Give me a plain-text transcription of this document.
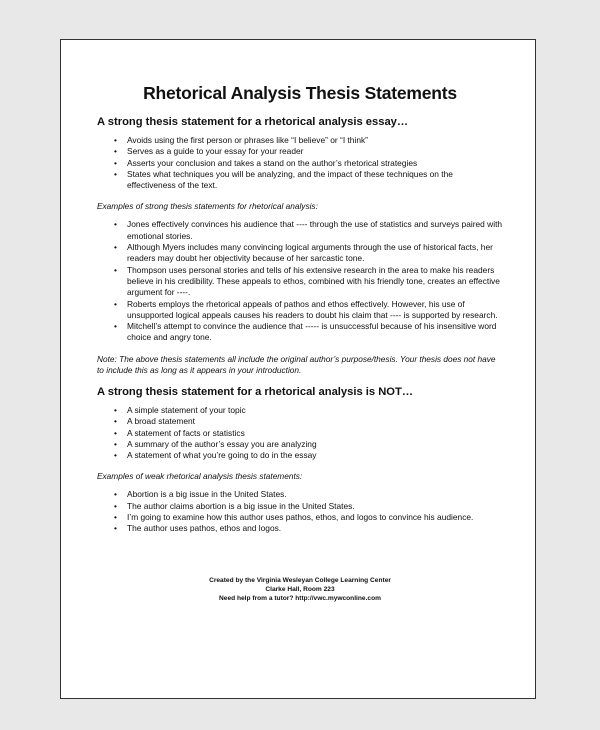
Rhetorical Analysis Thesis Statements
A strong thesis statement for a rhetorical analysis essay…
• Avoids using the first person or phrases like “I believe” or “I think”
• Serves as a guide to your essay for your reader
• Asserts your conclusion and takes a stand on the author’s rhetorical strategies
• States what techniques you will be analyzing, and the impact of these techniques on the effectiveness of the text.
Examples of strong thesis statements for rhetorical analysis:
• Jones effectively convinces his audience that ---- through the use of statistics and surveys paired with emotional stories.
• Although Myers includes many convincing logical arguments through the use of historical facts, her readers may doubt her objectivity because of her sarcastic tone.
• Thompson uses personal stories and tells of his extensive research in the area to make his readers believe in his credibility. These appeals to ethos, combined with his friendly tone, creates an effective argument for ----.
• Roberts employs the rhetorical appeals of pathos and ethos effectively. However, his use of unsupported logical appeals causes his readers to doubt his claim that ---- is supported by research.
• Mitchell’s attempt to convince the audience that ----- is unsuccessful because of his insensitive word choice and angry tone.
Note: The above thesis statements all include the original author’s purpose/thesis. Your thesis does not have to include this as long as it appears in your introduction.
A strong thesis statement for a rhetorical analysis is NOT…
• A simple statement of your topic
• A broad statement
• A statement of facts or statistics
• A summary of the author’s essay you are analyzing
• A statement of what you’re going to do in the essay
Examples of weak rhetorical analysis thesis statements:
• Abortion is a big issue in the United States.
• The author claims abortion is a big issue in the United States.
• I’m going to examine how this author uses pathos, ethos, and logos to convince his audience.
• The author uses pathos, ethos and logos.
Created by the Virginia Wesleyan College Learning Center
Clarke Hall, Room 223
Need help from a tutor? http://vwc.mywconline.com
